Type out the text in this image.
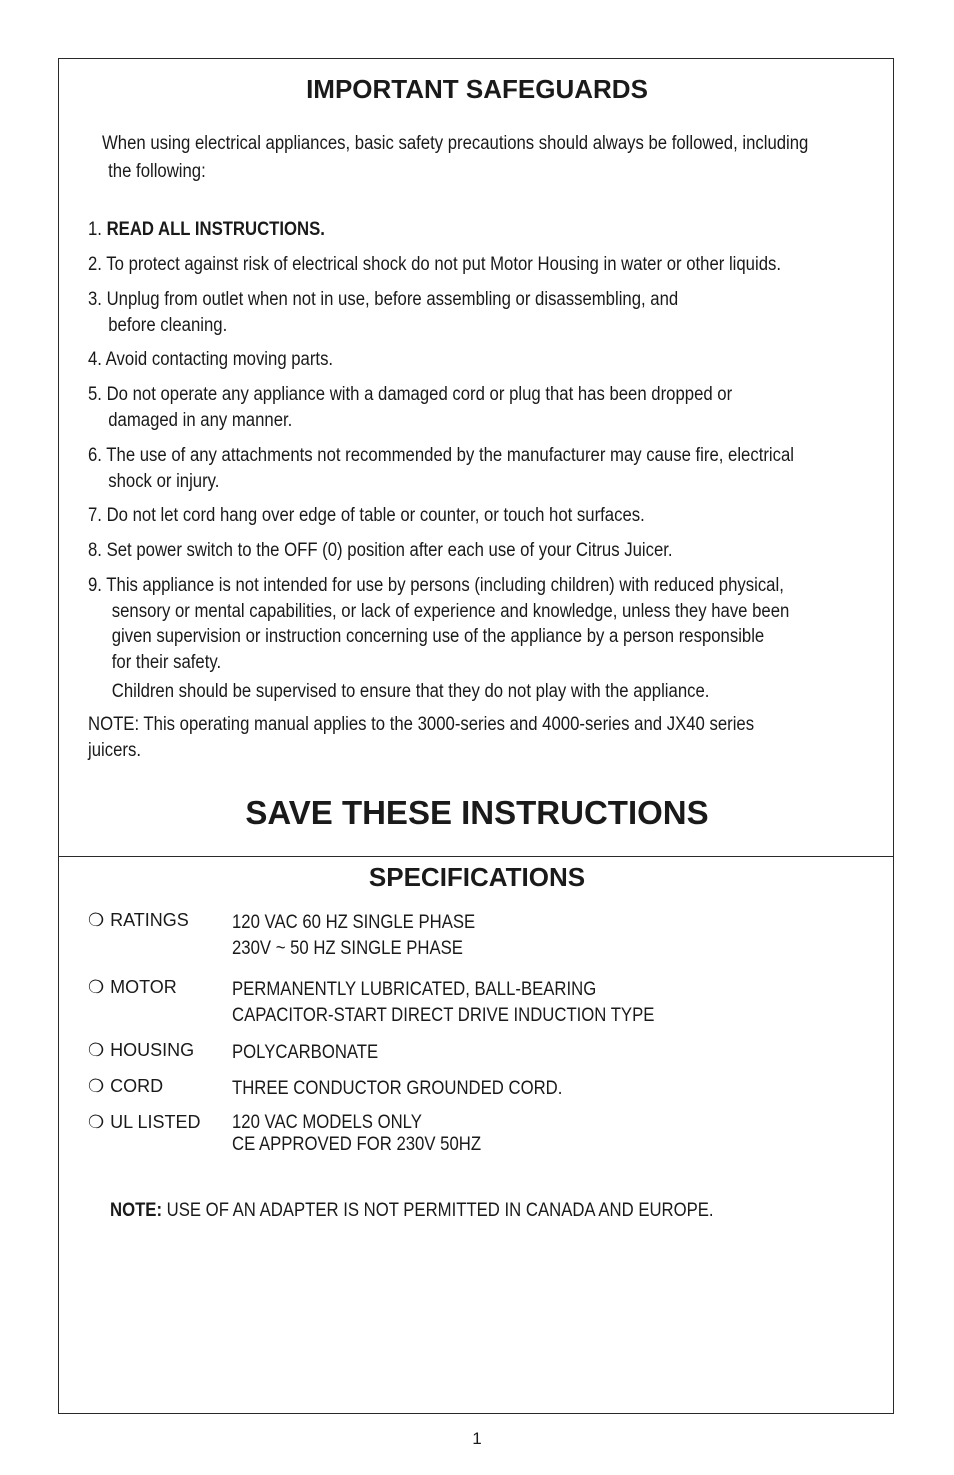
IMPORTANT SAFEGUARDS
When using electrical appliances, basic safety precautions should always be followed, including
the following:
1. READ ALL INSTRUCTIONS.
2. To protect against risk of electrical shock do not put Motor Housing in water or other liquids.
3. Unplug from outlet when not in use, before assembling or disassembling, and
before cleaning.
4. Avoid contacting moving parts.
5. Do not operate any appliance with a damaged cord or plug that has been dropped or
damaged in any manner.
6. The use of any attachments not recommended by the manufacturer may cause fire, electrical
shock or injury.
7. Do not let cord hang over edge of table or counter, or touch hot surfaces.
8. Set power switch to the OFF (0) position after each use of your Citrus Juicer.
9. This appliance is not intended for use by persons (including children) with reduced physical,
sensory or mental capabilities, or lack of experience and knowledge, unless they have been
given supervision or instruction concerning use of the appliance by a person responsible
for their safety.
Children should be supervised to ensure that they do not play with the appliance.
NOTE: This operating manual applies to the 3000-series and 4000-series and JX40 series
juicers.
SAVE THESE INSTRUCTIONS
SPECIFICATIONS
❍ RATINGS 120 VAC 60 HZ SINGLE PHASE
230V ~ 50 HZ SINGLE PHASE
❍ MOTOR	PERMANENTLY LUBRICATED, BALL-BEARING
CAPACITOR-START DIRECT DRIVE INDUCTION TYPE
❍ HOUSING POLYCARBONATE
❍ CORD	THREE CONDUCTOR GROUNDED CORD.
❍ UL LISTED 120 VAC MODELS ONLY
CE APPROVED FOR 230V 50HZ
NOTE: USE OF AN ADAPTER IS NOT PERMITTED IN CANADA AND EUROPE.
1
